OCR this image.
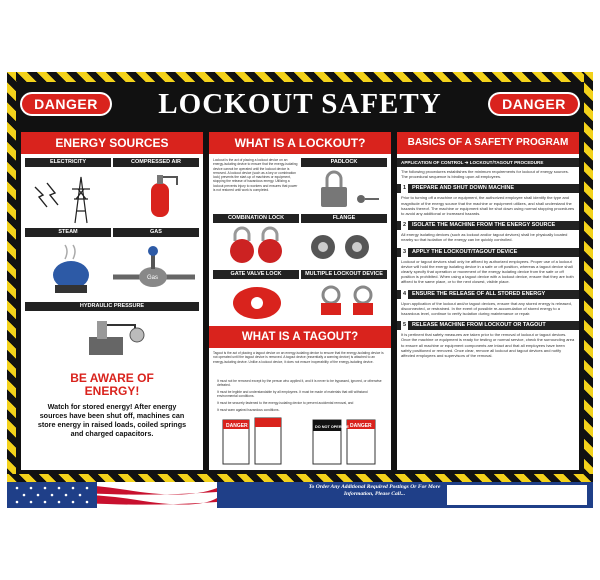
DANGER	LOCKOUT SAFETY	DANGER
ENERGY SOURCES
ELECTRICITY	COMPRESSED AIR
STEAM	GAS
Gas
HYDRAULIC PRESSURE
BE AWARE OF ENERGY!
Watch for stored energy! After energy sources have been shut off, machines can store energy in raised loads, coiled springs and charged capacitors.
WHAT IS A LOCKOUT?
Lockout is the act of placing a lockout device on an energy-isolating device to ensure that the energy-isolating device cannot be operated until the lockout device is removed. A lockout device (such as a key or combination lock) prevents the start-up of machines or equipment, stopping the release of hazardous energy. Utilizing a lockout prevents injury to workers and ensures that power is not restored until work is completed.
PADLOCK
COMBINATION LOCK	FLANGE
GATE VALVE LOCK	MULTIPLE LOCKOUT DEVICE
WHAT IS A TAGOUT?
Tagout is the act of placing a tagout device on an energy-isolating device to ensure that the energy-isolating device is not operated until the tagout device is removed. A tagout device (essentially a warning device) is attached to an energy-isolating device. Unlike a lockout device, it does not ensure inoperability of the energy-isolating device.
It must not be removed except by the person who applied it, and it is never to be bypassed, ignored, or otherwise defeated.
It must be legible and understandable by all employees. It must be made of materials that will withstand environmental conditions.
It must be securely fastened to the energy-isolating device to prevent accidental removal, and
It must warn against hazardous conditions.
DANGER	DO NOT OPERATE DANGER
BASICS OF A SAFETY PROGRAM
APPLICATION OF CONTROL ➔ LOCKOUT/TAGOUT PROCEDURE
The following procedures establishes the minimum requirements for lockout of energy sources. The procedural sequence is binding upon all employees.
1 PREPARE AND SHUT DOWN MACHINE
Prior to turning off a machine or equipment, the authorized employee shall identify the type and magnitude of the energy source that the machine or equipment utilizes, and shall understand the hazards thereof. The machine or equipment shall be shut down using normal stopping procedures to avoid any additional or increased hazards.
2 ISOLATE THE MACHINE FROM THE ENERGY SOURCE
All energy isolating devices (such as lockout and/or tagout devices) shall be physically located nearby so that isolation of the energy can be quickly controlled.
3 APPLY THE LOCKOUT/TAGOUT DEVICE
Lockout or tagout devices shall only be affixed by authorized employees. Proper use of a lockout device will hold the energy isolating device in a safe or off position, whereas a tagout device shall clearly specify that operation or movement of the energy isolating device from the safe or off position is prohibited. When using a tagout device with a lockout device, ensure that they are both affixed to the same place, or to the next closest, visible place.
4 ENSURE THE RELEASE OF ALL STORED ENERGY
Upon application of the lockout and/or tagout devices, ensure that any stored energy is released, disconnected, or restrained. In the event of possible re-accumulation of stored energy to a hazardous level, continue to verify isolation during maintenance or repair.
5 RELEASE MACHINE FROM LOCKOUT OR TAGOUT
It is pertinent that safety measures are taken prior to the removal of lockout or tagout devices. Once the machine or equipment is ready for testing or normal service, check the surrounding area to ensure all machine or equipment components are intact and that all employees have been safely positioned or removed. Once clear, remove all lockout and tagout devices and notify affected employees and supervisors of the removal.
To Order Any Additional Required Postings Or For More Information, Please Call...
